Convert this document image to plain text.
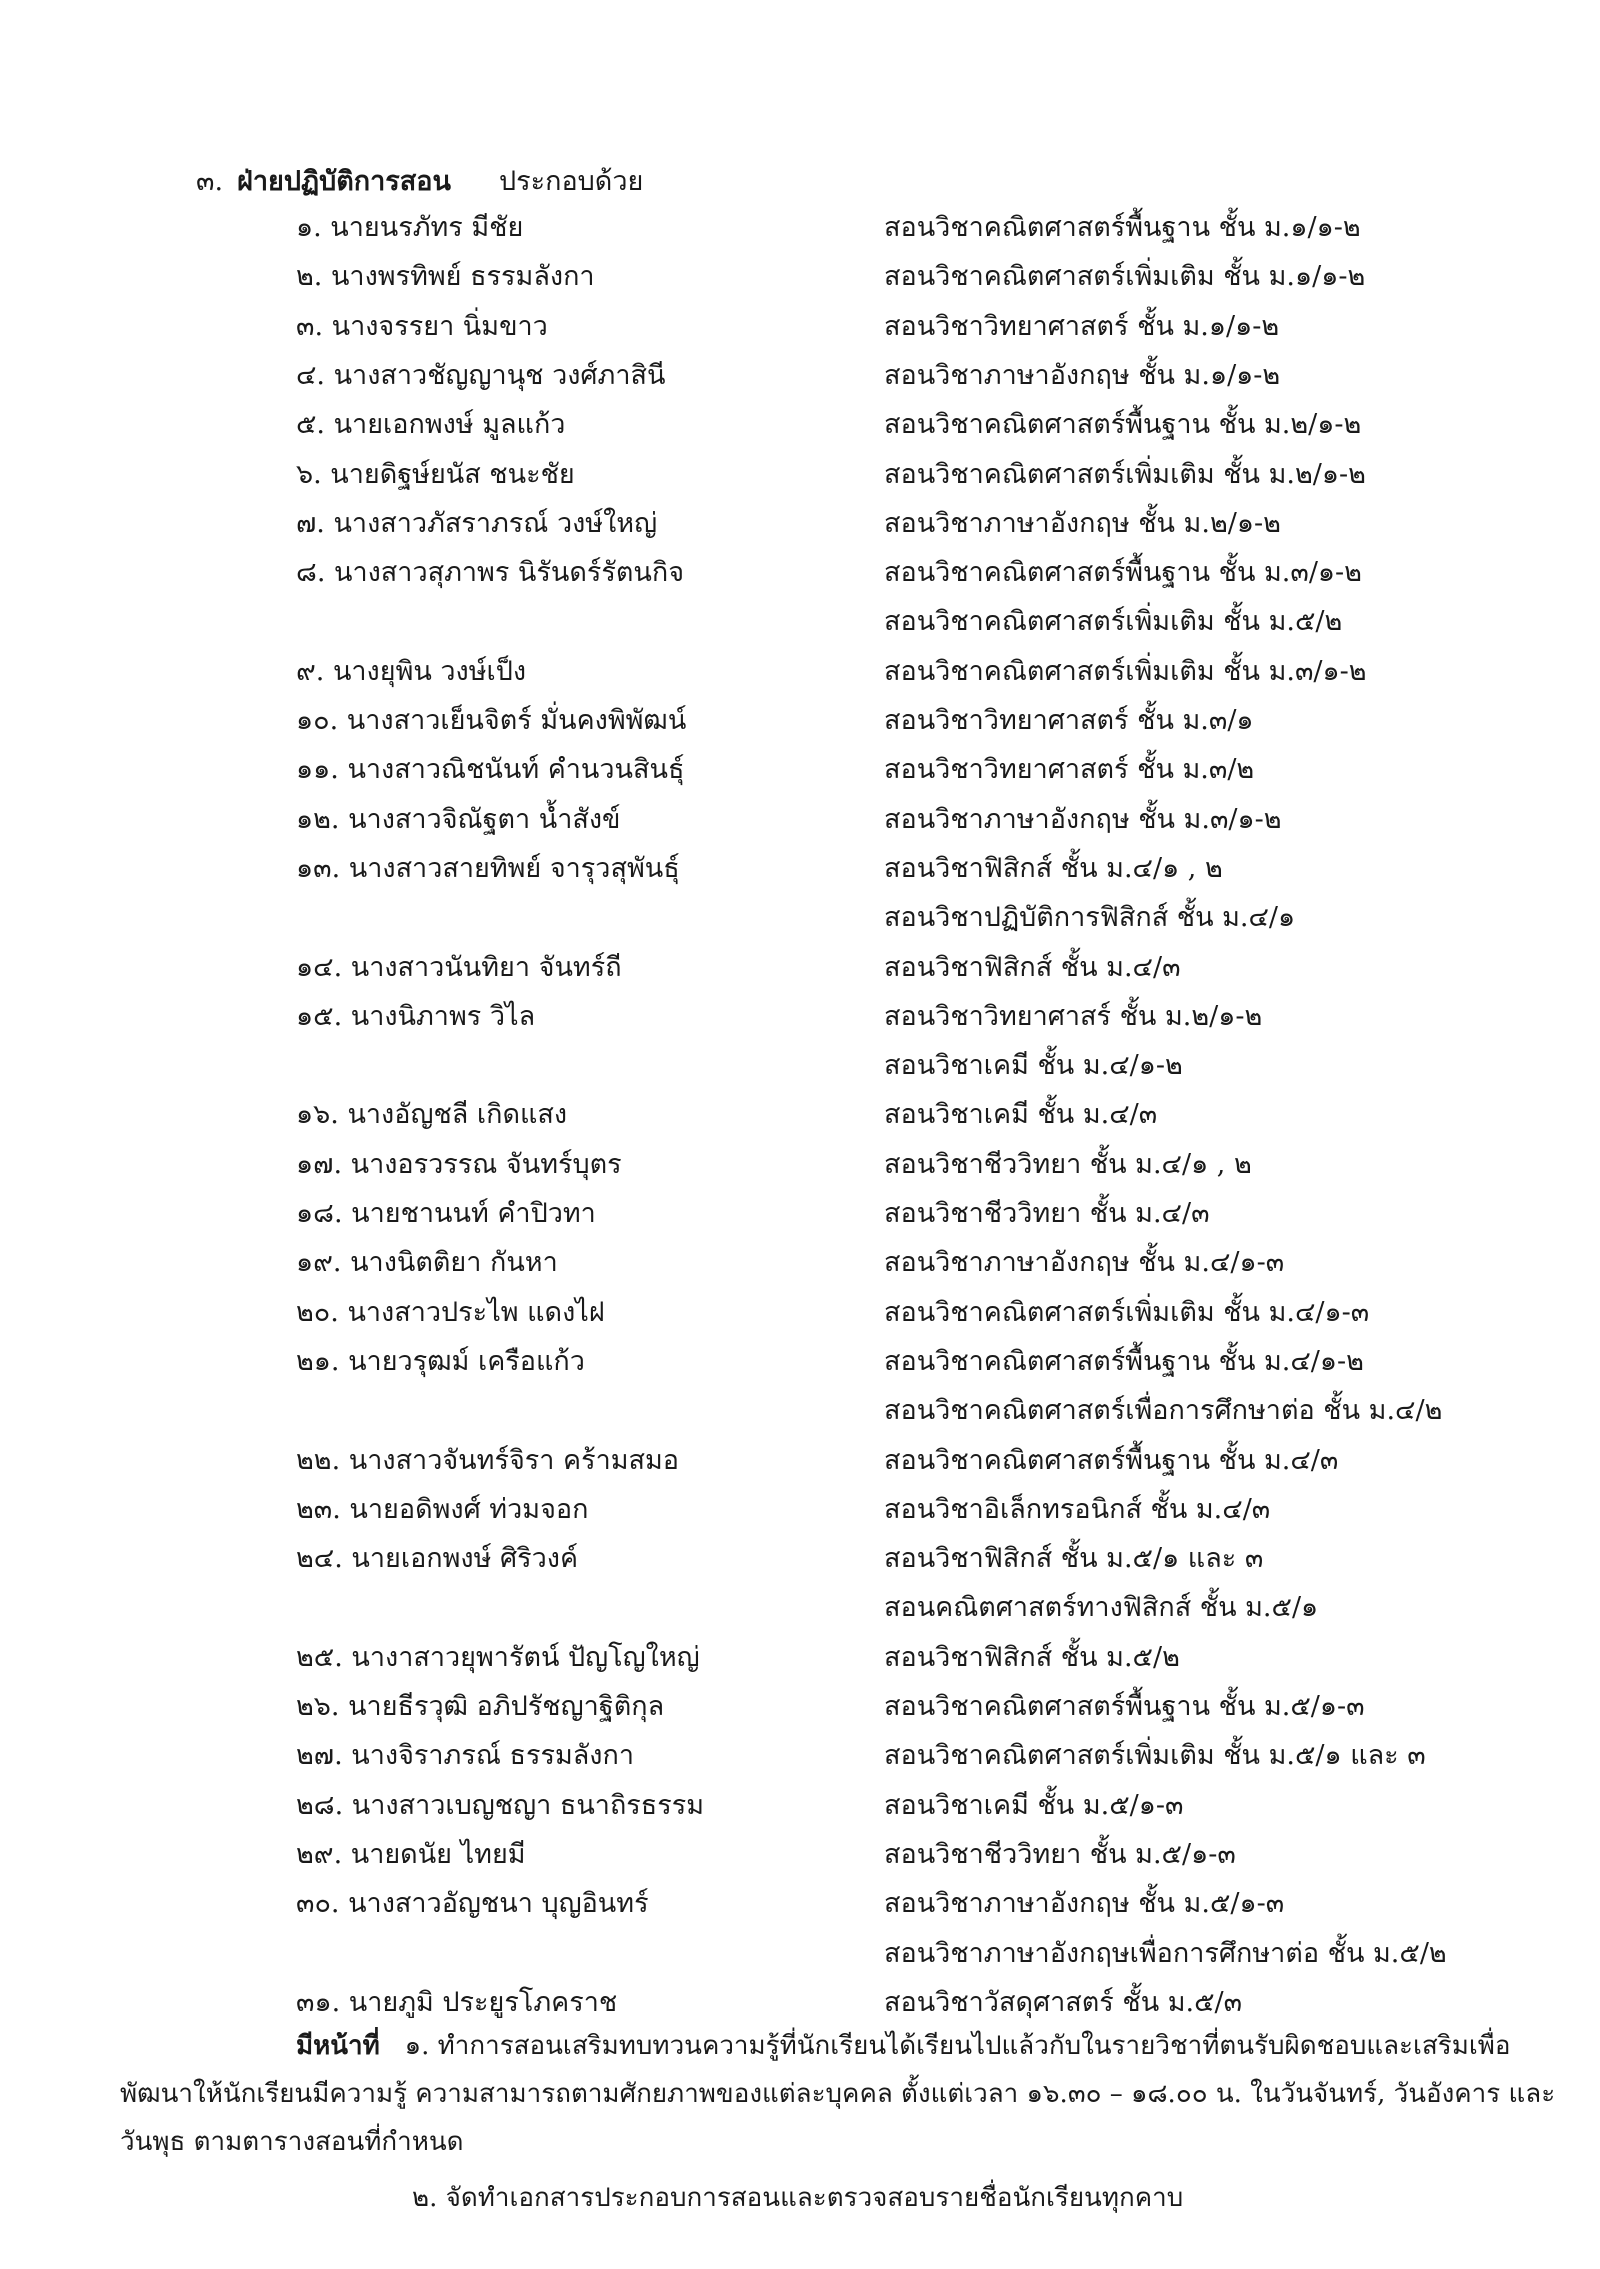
๓. ฝ่ายปฏิบัติการสอน ประกอบด้วย
๑. นายนรภัทร มีชัย	สอนวิชาคณิตศาสตร์พื้นฐาน ชั้น ม.๑/๑-๒
๒. นางพรทิพย์ ธรรมลังกา	สอนวิชาคณิตศาสตร์เพิ่มเติม ชั้น ม.๑/๑-๒
๓. นางจรรยา นิ่มขาว	สอนวิชาวิทยาศาสตร์ ชั้น ม.๑/๑-๒
๔. นางสาวชัญญานุช วงศ์ภาสินี	สอนวิชาภาษาอังกฤษ ชั้น ม.๑/๑-๒
๕. นายเอกพงษ์ มูลแก้ว	สอนวิชาคณิตศาสตร์พื้นฐาน ชั้น ม.๒/๑-๒
๖. นายดิฐษ์ยนัส ชนะชัย	สอนวิชาคณิตศาสตร์เพิ่มเติม ชั้น ม.๒/๑-๒
๗. นางสาวภัสราภรณ์ วงษ์ใหญ่	สอนวิชาภาษาอังกฤษ ชั้น ม.๒/๑-๒
๘. นางสาวสุภาพร นิรันดร์รัตนกิจ	สอนวิชาคณิตศาสตร์พื้นฐาน ชั้น ม.๓/๑-๒
สอนวิชาคณิตศาสตร์เพิ่มเติม ชั้น ม.๕/๒
๙. นางยุพิน วงษ์เป็ง	สอนวิชาคณิตศาสตร์เพิ่มเติม ชั้น ม.๓/๑-๒
๑๐. นางสาวเย็นจิตร์ มั่นคงพิพัฒน์	สอนวิชาวิทยาศาสตร์ ชั้น ม.๓/๑
๑๑. นางสาวณิชนันท์ คำนวนสินธุ์	สอนวิชาวิทยาศาสตร์ ชั้น ม.๓/๒
๑๒. นางสาวจิณัฐตา น้ำสังข์	สอนวิชาภาษาอังกฤษ ชั้น ม.๓/๑-๒
๑๓. นางสาวสายทิพย์ จารุวสุพันธุ์	สอนวิชาฟิสิกส์ ชั้น ม.๔/๑ , ๒
สอนวิชาปฏิบัติการฟิสิกส์ ชั้น ม.๔/๑
๑๔. นางสาวนันทิยา จันทร์ถี	สอนวิชาฟิสิกส์ ชั้น ม.๔/๓
๑๕. นางนิภาพร วิไล	สอนวิชาวิทยาศาสร์ ชั้น ม.๒/๑-๒
สอนวิชาเคมี ชั้น ม.๔/๑-๒
๑๖. นางอัญชลี เกิดแสง	สอนวิชาเคมี ชั้น ม.๔/๓
๑๗. นางอรวรรณ จันทร์บุตร	สอนวิชาชีววิทยา ชั้น ม.๔/๑ , ๒
๑๘. นายชานนท์ คำปิวทา	สอนวิชาชีววิทยา ชั้น ม.๔/๓
๑๙. นางนิตติยา กันหา	สอนวิชาภาษาอังกฤษ ชั้น ม.๔/๑-๓
๒๐. นางสาวประไพ แดงไฝ	สอนวิชาคณิตศาสตร์เพิ่มเติม ชั้น ม.๔/๑-๓
๒๑. นายวรุฒม์ เครือแก้ว	สอนวิชาคณิตศาสตร์พื้นฐาน ชั้น ม.๔/๑-๒
สอนวิชาคณิตศาสตร์เพื่อการศึกษาต่อ ชั้น ม.๔/๒
๒๒. นางสาวจันทร์จิรา คร้ามสมอ	สอนวิชาคณิตศาสตร์พื้นฐาน ชั้น ม.๔/๓
๒๓. นายอดิพงศ์ ท่วมจอก	สอนวิชาอิเล็กทรอนิกส์ ชั้น ม.๔/๓
๒๔. นายเอกพงษ์ ศิริวงค์	สอนวิชาฟิสิกส์ ชั้น ม.๕/๑ และ ๓
สอนคณิตศาสตร์ทางฟิสิกส์ ชั้น ม.๕/๑
๒๕. นางาสาวยุพารัตน์ ปัญโญใหญ่	สอนวิชาฟิสิกส์ ชั้น ม.๕/๒
๒๖. นายธีรวุฒิ อภิปรัชญาฐิติกุล	สอนวิชาคณิตศาสตร์พื้นฐาน ชั้น ม.๕/๑-๓
๒๗. นางจิราภรณ์ ธรรมลังกา	สอนวิชาคณิตศาสตร์เพิ่มเติม ชั้น ม.๕/๑ และ ๓
๒๘. นางสาวเบญชญา ธนาถิรธรรม	สอนวิชาเคมี ชั้น ม.๕/๑-๓
๒๙. นายดนัย ไทยมี	สอนวิชาชีววิทยา ชั้น ม.๕/๑-๓
๓๐. นางสาวอัญชนา บุญอินทร์	สอนวิชาภาษาอังกฤษ ชั้น ม.๕/๑-๓
สอนวิชาภาษาอังกฤษเพื่อการศึกษาต่อ ชั้น ม.๕/๒
๓๑. นายภูมิ ประยูรโภคราช	สอนวิชาวัสดุศาสตร์ ชั้น ม.๕/๓
มีหน้าที่ ๑. ทำการสอนเสริมทบทวนความรู้ที่นักเรียนได้เรียนไปแล้วกับในรายวิชาที่ตนรับผิดชอบและเสริมเพื่อ
พัฒนาให้นักเรียนมีความรู้ ความสามารถตามศักยภาพของแต่ละบุคคล ตั้งแต่เวลา ๑๖.๓๐ – ๑๘.๐๐ น. ในวันจันทร์, วันอังคาร และ
วันพุธ ตามตารางสอนที่กำหนด
๒. จัดทำเอกสารประกอบการสอนและตรวจสอบรายชื่อนักเรียนทุกคาบ
